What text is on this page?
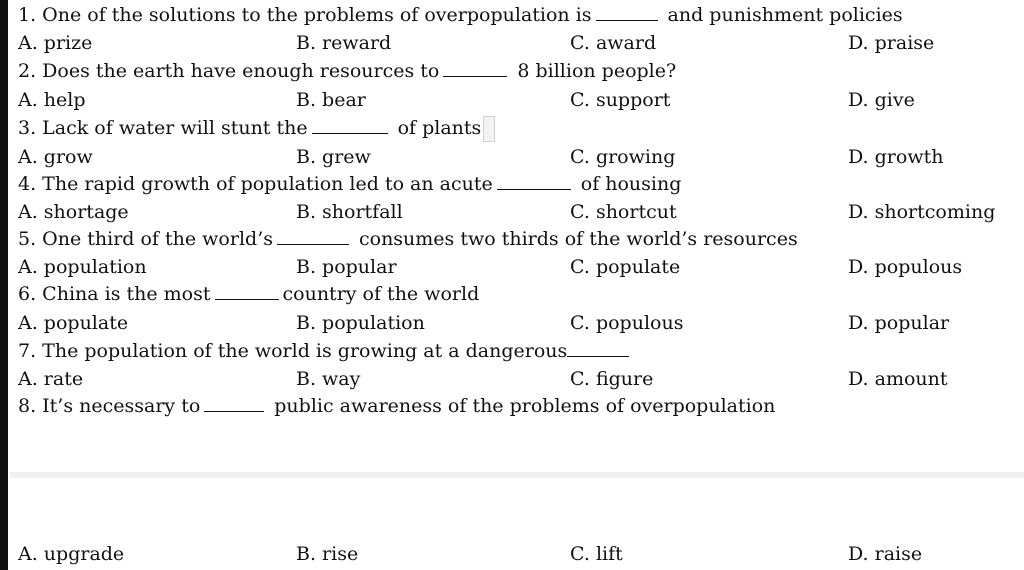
1. One of the solutions to the problems of overpopulation is	and punishment policies
A. prize	B. reward	C. award	D. praise
2. Does the earth have enough resources to	8 billion people?
A. help	B. bear	C. support	D. give
3. Lack of water will stunt the	of plants
A. grow	B. grew	C. growing	D. growth
4. The rapid growth of population led to an acute	of housing
A. shortage	B. shortfall	C. shortcut	D. shortcoming
5. One third of the world’s	consumes two thirds of the world’s resources
A. population	B. popular	C. populate	D. populous
6. China is the most	country of the world
A. populate	B. population	C. populous	D. popular
7. The population of the world is growing at a dangerous
A. rate	B. way	C. figure	D. amount
8. It’s necessary to	public awareness of the problems of overpopulation
A. upgrade	B. rise	C. lift	D. raise
